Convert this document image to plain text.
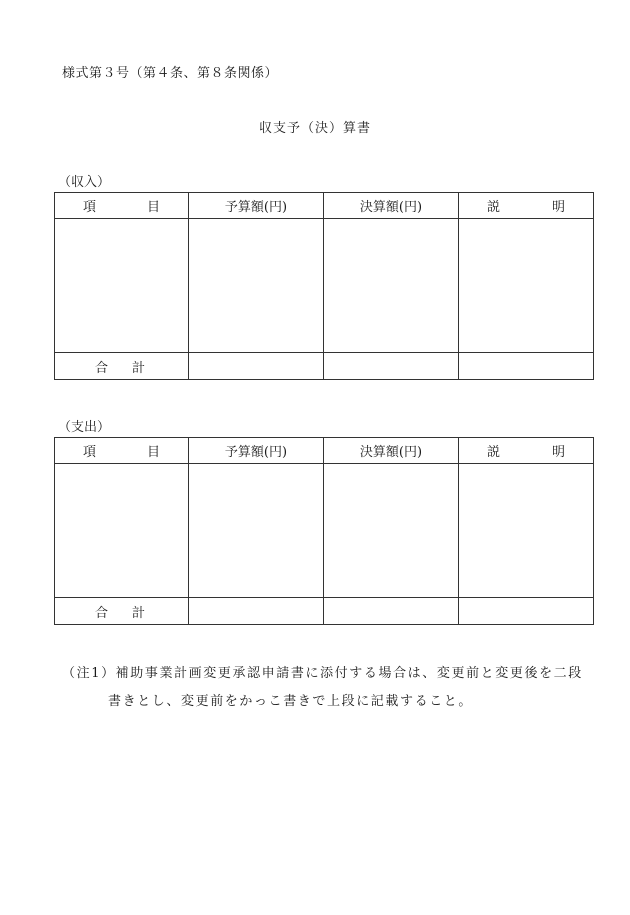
様式第３号（第４条、第８条関係）
収支予（決）算書
（収入）
項 目	予算額(円)	決算額(円)	説 明

合 計			

（支出）
項 目	予算額(円)	決算額(円)	説 明

合 計			

（注1）補助事業計画変更承認申請書に添付する場合は、変更前と変更後を二段
書きとし、変更前をかっこ書きで上段に記載すること。
